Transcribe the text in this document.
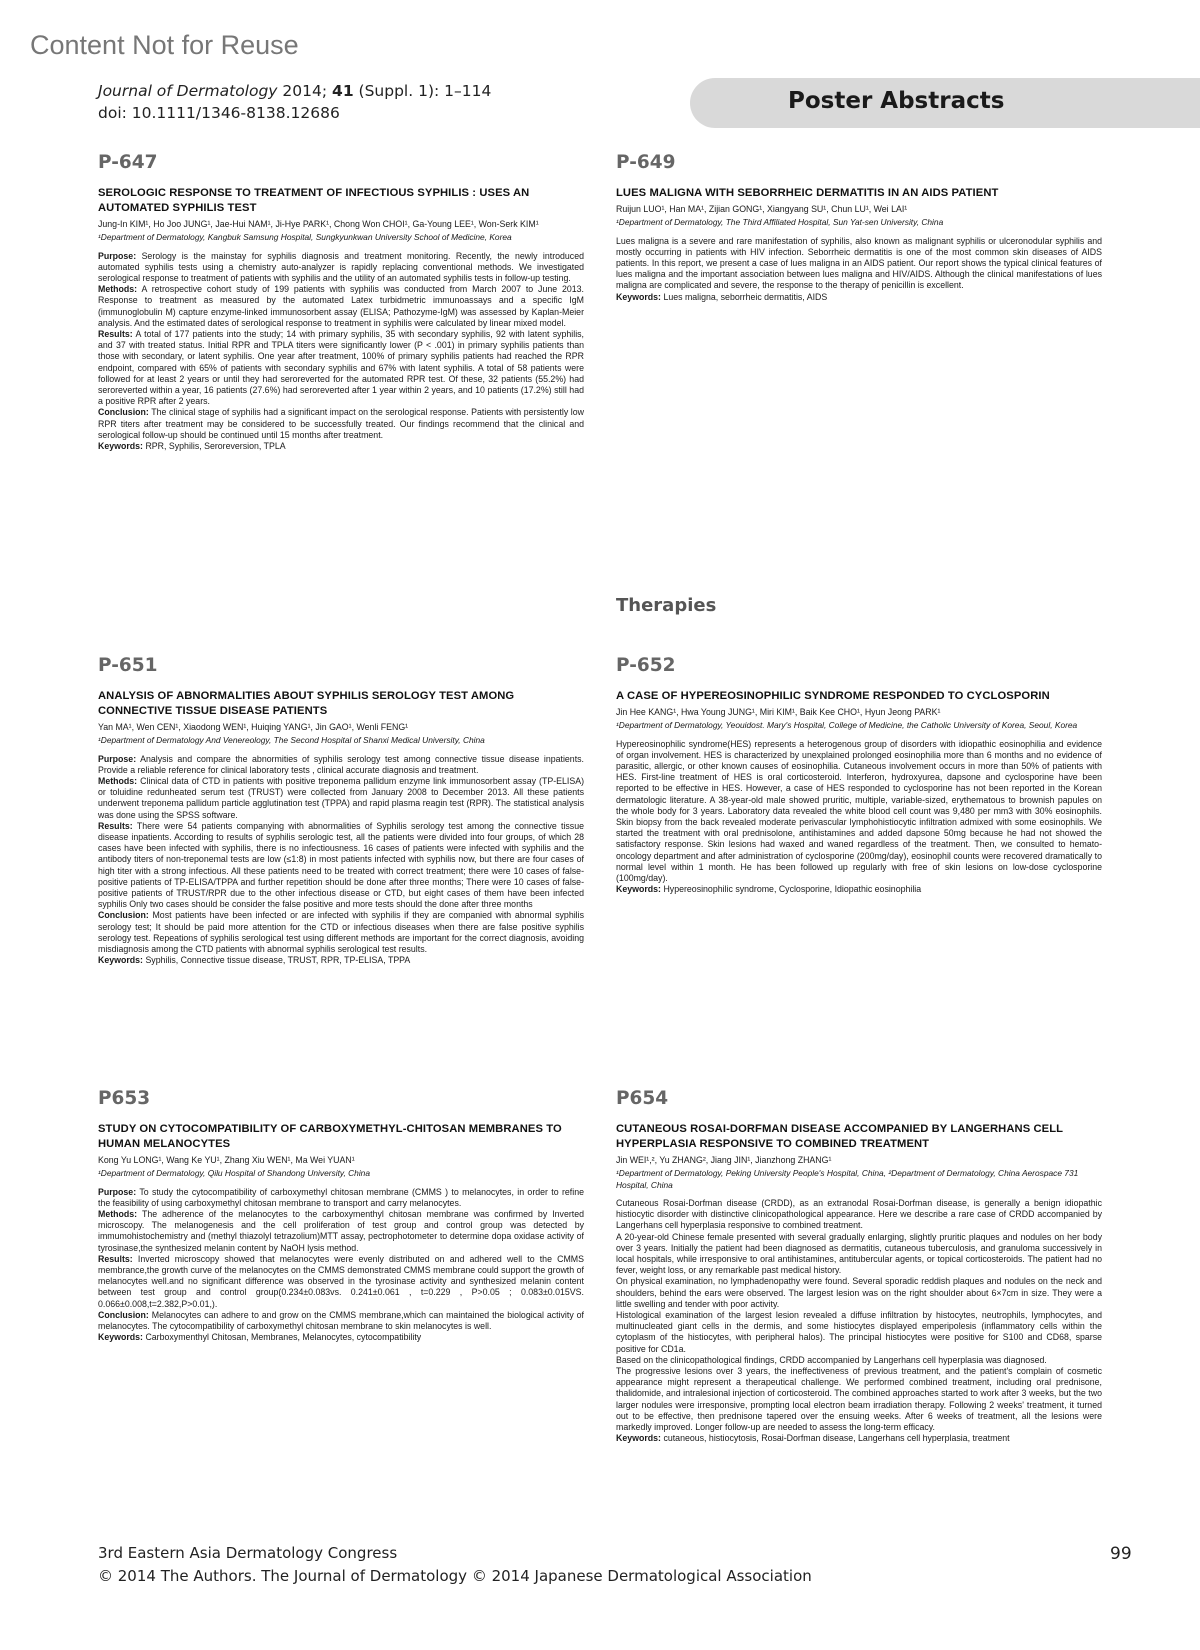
Content Not for Reuse
Journal of Dermatology 2014; 41 (Suppl. 1): 1–114
doi: 10.1111/1346-8138.12686	Poster Abstracts
Therapies
P-647
SEROLOGIC RESPONSE TO TREATMENT OF INFECTIOUS SYPHILIS : USES AN AUTOMATED SYPHILIS TEST
Jung-In KIM¹, Ho Joo JUNG¹, Jae-Hui NAM¹, Ji-Hye PARK¹, Chong Won CHOI¹, Ga-Young LEE¹, Won-Serk KIM¹
¹Department of Dermatology, Kangbuk Samsung Hospital, Sungkyunkwan University School of Medicine, Korea

Purpose: Serology is the mainstay for syphilis diagnosis and treatment monitoring. Recently, the newly introduced automated syphilis tests using a chemistry auto-analyzer is rapidly replacing conventional methods. We investigated serological response to treatment of patients with syphilis and the utility of an automated syphilis tests in follow-up testing.

Methods: A retrospective cohort study of 199 patients with syphilis was conducted from March 2007 to June 2013. Response to treatment as measured by the automated Latex turbidmetric immunoassays and a specific IgM (immunoglobulin M) capture enzyme-linked immunosorbent assay (ELISA; Pathozyme-IgM) was assessed by Kaplan-Meier analysis. And the estimated dates of serological response to treatment in syphilis were calculated by linear mixed model.

Results: A total of 177 patients into the study; 14 with primary syphilis, 35 with secondary syphilis, 92 with latent syphilis, and 37 with treated status. Initial RPR and TPLA titers were significantly lower (P < .001) in primary syphilis patients than those with secondary, or latent syphilis. One year after treatment, 100% of primary syphilis patients had reached the RPR endpoint, compared with 65% of patients with secondary syphilis and 67% with latent syphilis. A total of 58 patients were followed for at least 2 years or until they had seroreverted for the automated RPR test. Of these, 32 patients (55.2%) had seroreverted within a year, 16 patients (27.6%) had seroreverted after 1 year within 2 years, and 10 patients (17.2%) still had a positive RPR after 2 years.

Conclusion: The clinical stage of syphilis had a significant impact on the serological response. Patients with persistently low RPR titers after treatment may be considered to be successfully treated. Our findings recommend that the clinical and serological follow-up should be continued until 15 months after treatment.

Keywords: RPR, Syphilis, Seroreversion, TPLA

P-649
LUES MALIGNA WITH SEBORRHEIC DERMATITIS IN AN AIDS PATIENT
Ruijun LUO¹, Han MA¹, Zijian GONG¹, Xiangyang SU¹, Chun LU¹, Wei LAI¹
¹Department of Dermatology, The Third Affiliated Hospital, Sun Yat-sen University, China

Lues maligna is a severe and rare manifestation of syphilis, also known as malignant syphilis or ulceronodular syphilis and mostly occurring in patients with HIV infection. Seborrheic dermatitis is one of the most common skin diseases of AIDS patients. In this report, we present a case of lues maligna in an AIDS patient. Our report shows the typical clinical features of lues maligna and the important association between lues maligna and HIV/AIDS. Although the clinical manifestations of lues maligna are complicated and severe, the response to the therapy of penicillin is excellent.

Keywords: Lues maligna, seborrheic dermatitis, AIDS

P-651
ANALYSIS OF ABNORMALITIES ABOUT SYPHILIS SEROLOGY TEST AMONG CONNECTIVE TISSUE DISEASE PATIENTS
Yan MA¹, Wen CEN¹, Xiaodong WEN¹, Huiqing YANG¹, Jin GAO¹, Wenli FENG¹
¹Department of Dermatology And Venereology, The Second Hospital of Shanxi Medical University, China

Purpose: Analysis and compare the abnormities of syphilis serology test among connective tissue disease inpatients. Provide a reliable reference for clinical laboratory tests , clinical accurate diagnosis and treatment.

Methods: Clinical data of CTD in patients with positive treponema pallidum enzyme link immunosorbent assay (TP-ELISA) or toluidine redunheated serum test (TRUST) were collected from January 2008 to December 2013. All these patients underwent treponema pallidum particle agglutination test (TPPA) and rapid plasma reagin test (RPR). The statistical analysis was done using the SPSS software.

Results: There were 54 patients companying with abnormalities of Syphilis serology test among the connective tissue disease inpatients. According to results of syphilis serologic test, all the patients were divided into four groups, of which 28 cases have been infected with syphilis, there is no infectiousness. 16 cases of patients were infected with syphilis and the antibody titers of non-treponemal tests are low (≤1:8) in most patients infected with syphilis now, but there are four cases of high titer with a strong infectious. All these patients need to be treated with correct treatment; there were 10 cases of false-positive patients of TP-ELISA/TPPA and further repetition should be done after three months; There were 10 cases of false-positive patients of TRUST/RPR due to the other infectious disease or CTD, but eight cases of them have been infected syphilis Only two cases should be consider the false positive and more tests should the done after three months

Conclusion: Most patients have been infected or are infected with syphilis if they are companied with abnormal syphilis serology test; It should be paid more attention for the CTD or infectious diseases when there are false positive syphilis serology test. Repeations of syphilis serological test using different methods are important for the correct diagnosis, avoiding misdiagnosis among the CTD patients with abnormal syphilis serological test results.

Keywords: Syphilis, Connective tissue disease, TRUST, RPR, TP-ELISA, TPPA

P-652
A CASE OF HYPEREOSINOPHILIC SYNDROME RESPONDED TO CYCLOSPORIN
Jin Hee KANG¹, Hwa Young JUNG¹, Miri KIM¹, Baik Kee CHO¹, Hyun Jeong PARK¹
¹Department of Dermatology, Yeouidost. Mary's Hospital, College of Medicine, the Catholic University of Korea, Seoul, Korea

Hypereosinophilic syndrome(HES) represents a heterogenous group of disorders with idiopathic eosinophilia and evidence of organ involvement. HES is characterized by unexplained prolonged eosinophilia more than 6 months and no evidence of parasitic, allergic, or other known causes of eosinophilia. Cutaneous involvement occurs in more than 50% of patients with HES. First-line treatment of HES is oral corticosteroid. Interferon, hydroxyurea, dapsone and cyclosporine have been reported to be effective in HES. However, a case of HES responded to cyclosporine has not been reported in the Korean dermatologic literature. A 38-year-old male showed pruritic, multiple, variable-sized, erythematous to brownish papules on the whole body for 3 years. Laboratory data revealed the white blood cell count was 9,480 per mm3 with 30% eosinophils. Skin biopsy from the back revealed moderate perivascular lymphohistiocytic infiltration admixed with some eosinophils. We started the treatment with oral prednisolone, antihistamines and added dapsone 50mg because he had not showed the satisfactory response. Skin lesions had waxed and waned regardless of the treatment. Then, we consulted to hemato-oncology department and after administration of cyclosporine (200mg/day), eosinophil counts were recovered dramatically to normal level within 1 month. He has been followed up regularly with free of skin lesions on low-dose cyclosporine (100mg/day).

Keywords: Hypereosinophilic syndrome, Cyclosporine, Idiopathic eosinophilia

P653
STUDY ON CYTOCOMPATIBILITY OF CARBOXYMETHYL-CHITOSAN MEMBRANES TO HUMAN MELANOCYTES
Kong Yu LONG¹, Wang Ke YU¹, Zhang Xiu WEN¹, Ma Wei YUAN¹
¹Department of Dermatology, Qilu Hospital of Shandong University, China

Purpose: To study the cytocompatibility of carboxymethyl chitosan membrane (CMMS ) to melanocytes, in order to refine the feasibility of using carboxymethyl chitosan membrane to transport and carry melanocytes.

Methods: The adherence of the melanocytes to the carboxymenthyl chitosan membrane was confirmed by Inverted microscopy. The melanogenesis and the cell proliferation of test group and control group was detected by immumohistochemistry and (methyl thiazolyl tetrazolium)MTT assay, pectrophotometer to determine dopa oxidase activity of tyrosinase,the synthesized melanin content by NaOH lysis method.

Results: Inverted microscopy showed that melanocytes were evenly distributed on and adhered well to the CMMS membrance,the growth curve of the melanocytes on the CMMS demonstrated CMMS membrane could support the growth of melanocytes well.and no significant difference was observed in the tyrosinase activity and synthesized melanin content between test group and control group(0.234±0.083vs. 0.241±0.061 , t=0.229 , P>0.05 ; 0.083±0.015VS. 0.066±0.008,t=2.382,P>0.01,).

Conclusion: Melanocytes can adhere to and grow on the CMMS membrane,which can maintained the biological activity of melanocytes. The cytocompatibility of carboxymethyl chitosan membrane to skin melanocytes is well.

Keywords: Carboxymenthyl Chitosan, Membranes, Melanocytes, cytocompatibility

P654
CUTANEOUS ROSAI-DORFMAN DISEASE ACCOMPANIED BY LANGERHANS CELL HYPERPLASIA RESPONSIVE TO COMBINED TREATMENT
Jin WEI¹,², Yu ZHANG², Jiang JIN¹, Jianzhong ZHANG¹
¹Department of Dermatology, Peking University People's Hospital, China, ²Department of Dermatology, China Aerospace 731 Hospital, China

Cutaneous Rosai-Dorfman disease (CRDD), as an extranodal Rosai-Dorfman disease, is generally a benign idiopathic histiocytic disorder with distinctive clinicopathological appearance. Here we describe a rare case of CRDD accompanied by Langerhans cell hyperplasia responsive to combined treatment.

A 20-year-old Chinese female presented with several gradually enlarging, slightly pruritic plaques and nodules on her body over 3 years. Initially the patient had been diagnosed as dermatitis, cutaneous tuberculosis, and granuloma successively in local hospitals, while irresponsive to oral antihistamines, antitubercular agents, or topical corticosteroids. The patient had no fever, weight loss, or any remarkable past medical history.

On physical examination, no lymphadenopathy were found. Several sporadic reddish plaques and nodules on the neck and shoulders, behind the ears were observed. The largest lesion was on the right shoulder about 6×7cm in size. They were a little swelling and tender with poor activity.

Histological examination of the largest lesion revealed a diffuse infiltration by histocytes, neutrophils, lymphocytes, and multinucleated giant cells in the dermis, and some histiocytes displayed emperipolesis (inflammatory cells within the cytoplasm of the histiocytes, with peripheral halos). The principal histiocytes were positive for S100 and CD68, sparse positive for CD1a.

Based on the clinicopathological findings, CRDD accompanied by Langerhans cell hyperplasia was diagnosed.

The progressive lesions over 3 years, the ineffectiveness of previous treatment, and the patient's complain of cosmetic appearance might represent a therapeutical challenge. We performed combined treatment, including oral prednisone, thalidomide, and intralesional injection of corticosteroid. The combined approaches started to work after 3 weeks, but the two larger nodules were irresponsive, prompting local electron beam irradiation therapy. Following 2 weeks' treatment, it turned out to be effective, then prednisone tapered over the ensuing weeks. After 6 weeks of treatment, all the lesions were markedly improved. Longer follow-up are needed to assess the long-term efficacy.

Keywords: cutaneous, histiocytosis, Rosai-Dorfman disease, Langerhans cell hyperplasia, treatment

3rd Eastern Asia Dermatology Congress
© 2014 The Authors. The Journal of Dermatology © 2014 Japanese Dermatological Association
99
